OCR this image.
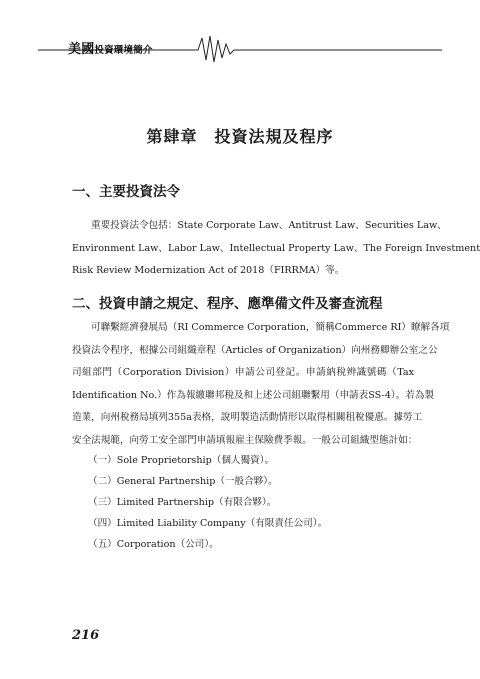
美國投資環境簡介
第肆章　投資法規及程序
一、主要投資法令
重要投資法令包括：State Corporate Law、Antitrust Law、Securities Law、
Environment Law、Labor Law、Intellectual Property Law、The Foreign Investment
Risk Review Modernization Act of 2018（FIRRMA）等。
二、投資申請之規定、程序、應準備文件及審查流程
可聯繫經濟發展局（RI Commerce Corporation，簡稱Commerce RI）瞭解各項
投資法令程序，根據公司組織章程（Articles of Organization）向州務卿辦公室之公
司組部門（Corporation Division）申請公司登記。申請納稅辨識號碼（Tax
Identification No.）作為報繳聯邦稅及和上述公司組聯繫用（申請表SS-4）。若為製
造業，向州稅務局填列355a表格，說明製造活動情形以取得相關租稅優惠。據勞工
安全法規範，向勞工安全部門申請填報雇主保險費季報。一般公司組織型態計如：
（一）Sole Proprietorship（個人獨資）。
（二）General Partnership（一般合夥）。
（三）Limited Partnership（有限合夥）。
（四）Limited Liability Company（有限責任公司）。
（五）Corporation（公司）。
216
